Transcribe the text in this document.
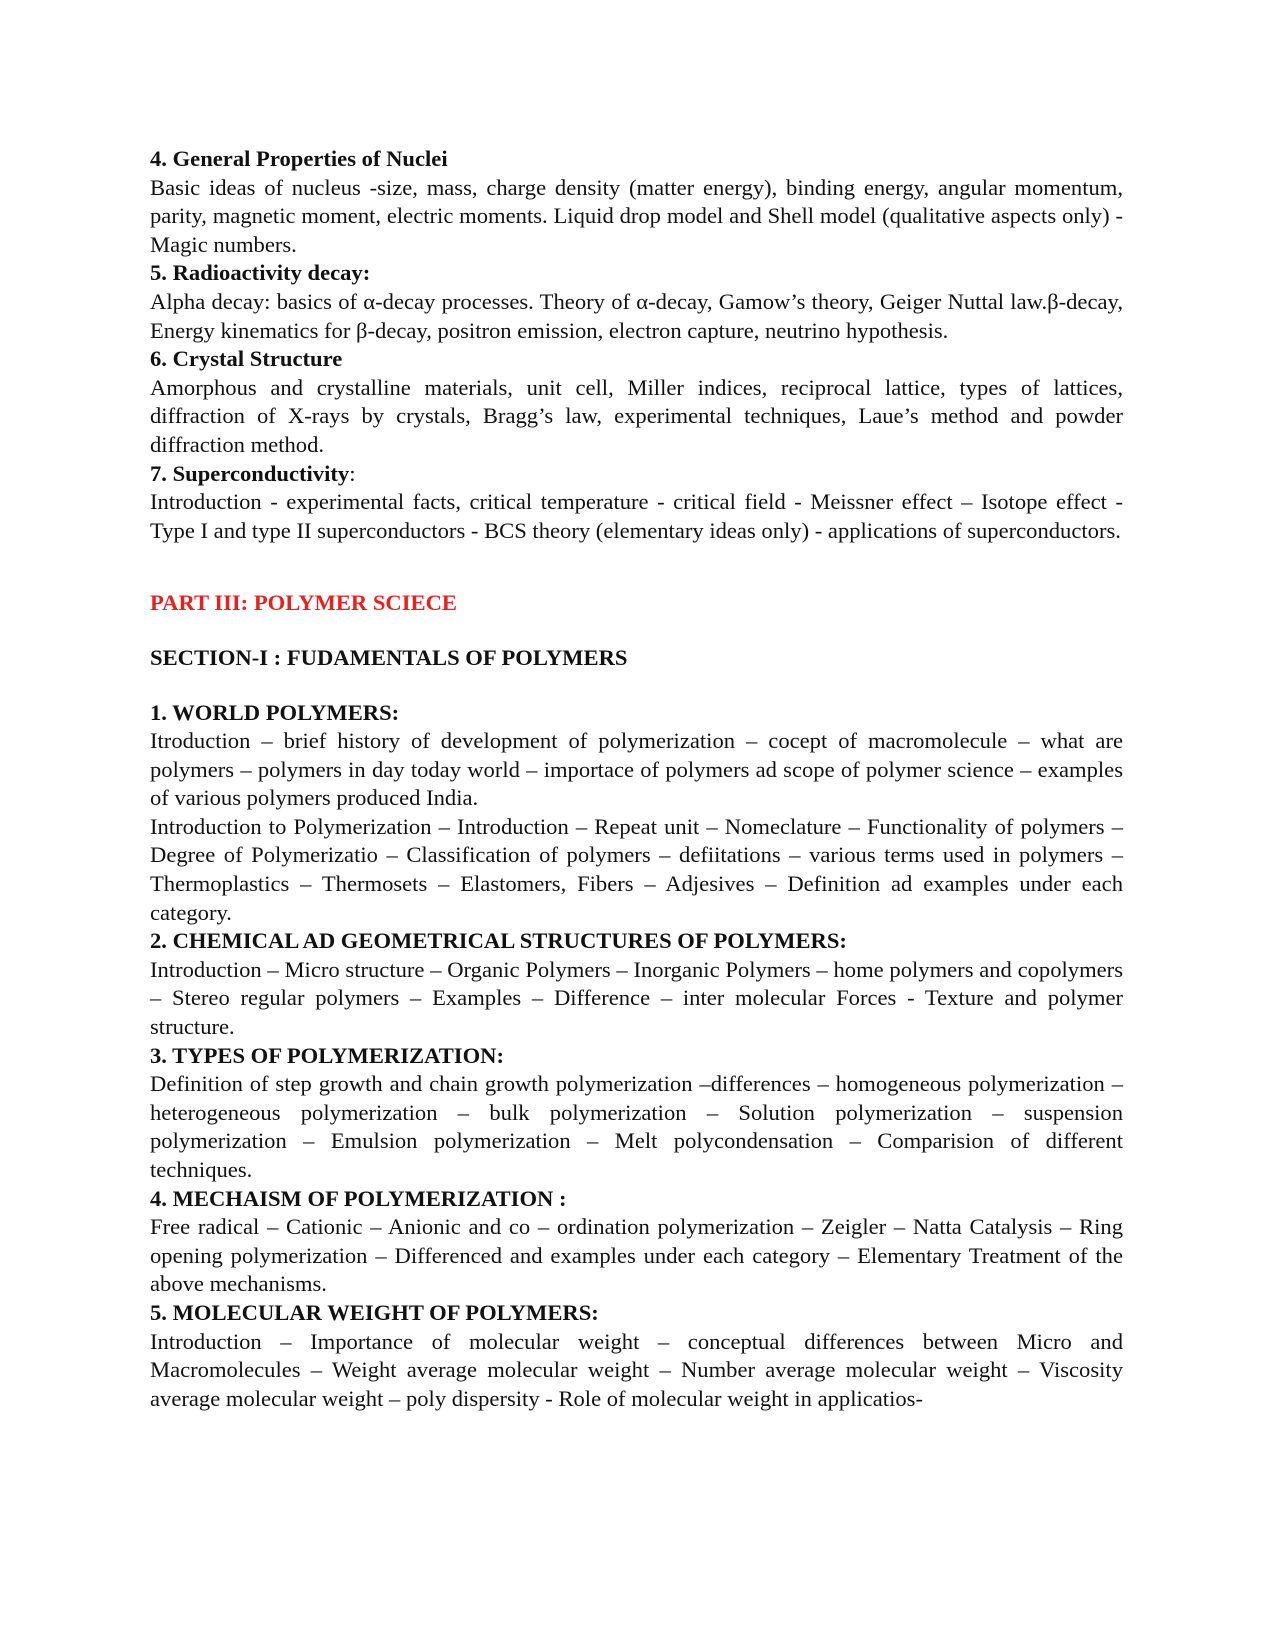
4. General Properties of Nuclei
Basic ideas of nucleus -size, mass, charge density (matter energy), binding energy, angular momentum, parity, magnetic moment, electric moments. Liquid drop model and Shell model (qualitative aspects only) - Magic numbers.
5. Radioactivity decay:
Alpha decay: basics of α-decay processes. Theory of α-decay, Gamow’s theory, Geiger Nuttal law.β-decay, Energy kinematics for β-decay, positron emission, electron capture, neutrino hypothesis.
6. Crystal Structure
Amorphous and crystalline materials, unit cell, Miller indices, reciprocal lattice, types of lattices, diffraction of X-rays by crystals, Bragg’s law, experimental techniques, Laue’s method and powder diffraction method.
7. Superconductivity:
Introduction - experimental facts, critical temperature - critical field - Meissner effect – Isotope effect - Type I and type II superconductors - BCS theory (elementary ideas only) - applications of superconductors.
PART III: POLYMER SCIECE
SECTION-I : FUDAMENTALS OF POLYMERS
1. WORLD POLYMERS:
Itroduction – brief history of development of polymerization – cocept of macromolecule – what are polymers – polymers in day today world – importace of polymers ad scope of polymer science – examples of various polymers produced India.
Introduction to Polymerization – Introduction – Repeat unit – Nomeclature – Functionality of polymers – Degree of Polymerizatio – Classification of polymers – defiitations – various terms used in polymers – Thermoplastics – Thermosets – Elastomers, Fibers – Adjesives – Definition ad examples under each category.
2. CHEMICAL AD GEOMETRICAL STRUCTURES OF POLYMERS:
Introduction – Micro structure – Organic Polymers – Inorganic Polymers – home polymers and copolymers – Stereo regular polymers – Examples – Difference – inter molecular Forces - Texture and polymer structure.
3. TYPES OF POLYMERIZATION:
Definition of step growth and chain growth polymerization –differences – homogeneous polymerization – heterogeneous polymerization – bulk polymerization – Solution polymerization – suspension polymerization – Emulsion polymerization – Melt polycondensation – Comparision of different techniques.
4. MECHAISM OF POLYMERIZATION :
Free radical – Cationic – Anionic and co – ordination polymerization – Zeigler – Natta Catalysis – Ring opening polymerization – Differenced and examples under each category – Elementary Treatment of the above mechanisms.
5. MOLECULAR WEIGHT OF POLYMERS:
Introduction – Importance of molecular weight – conceptual differences between Micro and Macromolecules – Weight average molecular weight – Number average molecular weight – Viscosity average molecular weight – poly dispersity - Role of molecular weight in applicatios-
